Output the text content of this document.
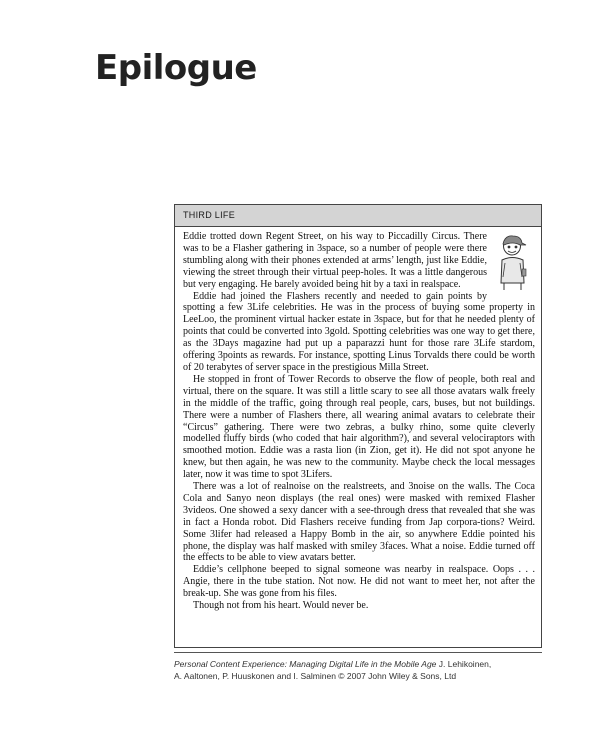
Epilogue
THIRD LIFE

Eddie trotted down Regent Street, on his way to Piccadilly Circus. There was to be a Flasher gathering in 3space, so a number of people were there stumbling along with their phones extended at arms’ length, just like Eddie, viewing the street through their virtual peep-holes. It was a little dangerous but very engaging. He barely avoided being hit by a taxi in realspace.

Eddie had joined the Flashers recently and needed to gain points by spotting a few 3Life celebrities. He was in the process of buying some property in LeeLoo, the prominent virtual hacker estate in 3space, but for that he needed plenty of points that could be converted into 3gold. Spotting celebrities was one way to get there, as the 3Days magazine had put up a paparazzi hunt for those rare 3Life stardom, offering 3points as rewards. For instance, spotting Linus Torvalds there could be worth of 20 terabytes of server space in the prestigious Milla Street.

He stopped in front of Tower Records to observe the flow of people, both real and virtual, there on the square. It was still a little scary to see all those avatars walk freely in the middle of the traffic, going through real people, cars, buses, but not buildings. There were a number of Flashers there, all wearing animal avatars to celebrate their “Circus” gathering. There were two zebras, a bulky rhino, some quite cleverly modelled fluffy birds (who coded that hair algorithm?), and several velociraptors with smoothed motion. Eddie was a rasta lion (in Zion, get it). He did not spot anyone he knew, but then again, he was new to the community. Maybe check the local messages later, now it was time to spot 3Lifers.

There was a lot of realnoise on the realstreets, and 3noise on the walls. The Coca Cola and Sanyo neon displays (the real ones) were masked with remixed Flasher 3videos. One showed a sexy dancer with a see-through dress that revealed that she was in fact a Honda robot. Did Flashers receive funding from Jap corpora-tions? Weird. Some 3lifer had released a Happy Bomb in the air, so anywhere Eddie pointed his phone, the display was half masked with smiley 3faces. What a noise. Eddie turned off the effects to be able to view avatars better.

Eddie’s cellphone beeped to signal someone was nearby in realspace. Oops . . . Angie, there in the tube station. Not now. He did not want to meet her, not after the break-up. She was gone from his files.

Though not from his heart. Would never be.

Personal Content Experience: Managing Digital Life in the Mobile Age J. Lehikoinen,
A. Aaltonen, P. Huuskonen and I. Salminen © 2007 John Wiley & Sons, Ltd
